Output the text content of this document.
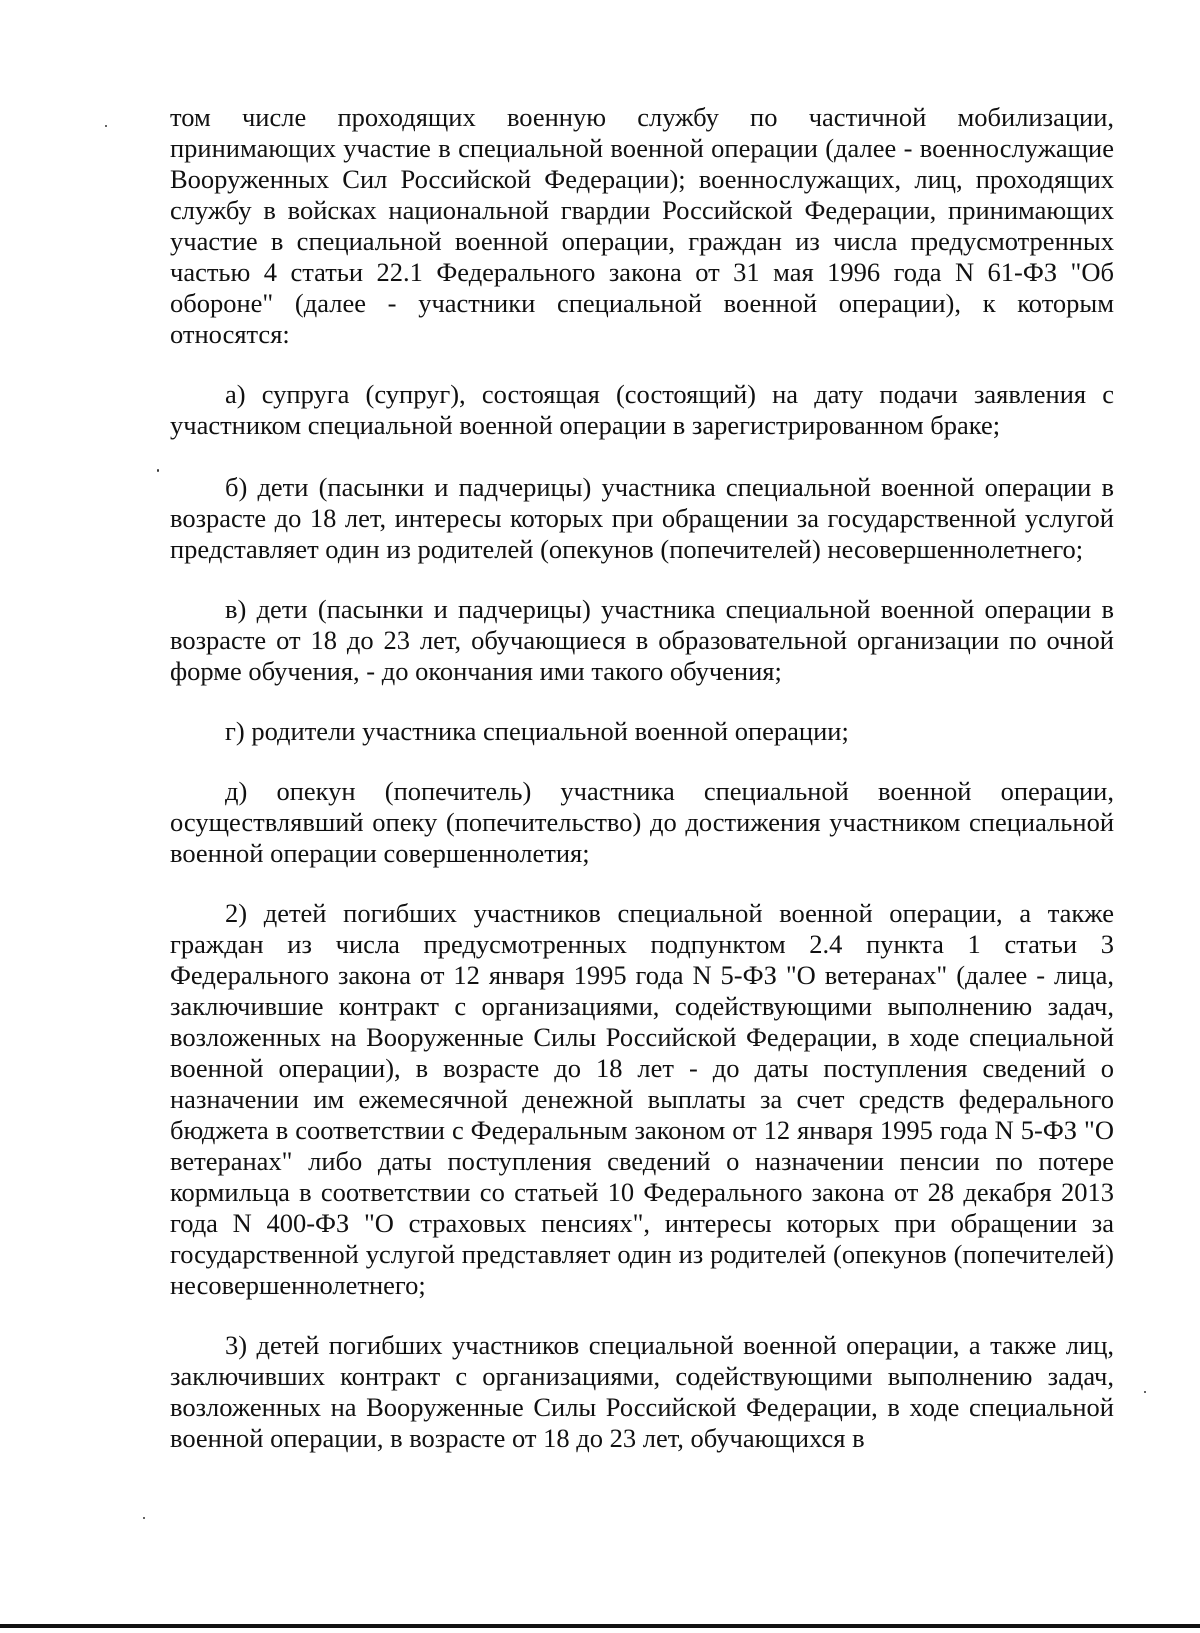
том числе проходящих военную службу по частичной мобилизации, принимающих участие в специальной военной операции (далее - военнослужащие Вооруженных Сил Российской Федерации); военнослужащих, лиц, проходящих службу в войсках национальной гвардии Российской Федерации, принимающих участие в специальной военной операции, граждан из числа предусмотренных частью 4 статьи 22.1 Федерального закона от 31 мая 1996 года N 61-ФЗ "Об обороне" (далее - участники специальной военной операции), к которым относятся:

а) супруга (супруг), состоящая (состоящий) на дату подачи заявления с участником специальной военной операции в зарегистрированном браке;

б) дети (пасынки и падчерицы) участника специальной военной операции в возрасте до 18 лет, интересы которых при обращении за государственной услугой представляет один из родителей (опекунов (попечителей) несовершеннолетнего;

в) дети (пасынки и падчерицы) участника специальной военной операции в возрасте от 18 до 23 лет, обучающиеся в образовательной организации по очной форме обучения, - до окончания ими такого обучения;

г) родители участника специальной военной операции;

д) опекун (попечитель) участника специальной военной операции, осуществлявший опеку (попечительство) до достижения участником специальной военной операции совершеннолетия;

2) детей погибших участников специальной военной операции, а также граждан из числа предусмотренных подпунктом 2.4 пункта 1 статьи 3 Федерального закона от 12 января 1995 года N 5-ФЗ "О ветеранах" (далее - лица, заключившие контракт с организациями, содействующими выполнению задач, возложенных на Вооруженные Силы Российской Федерации, в ходе специальной военной операции), в возрасте до 18 лет - до даты поступления сведений о назначении им ежемесячной денежной выплаты за счет средств федерального бюджета в соответствии с Федеральным законом от 12 января 1995 года N 5-ФЗ "О ветеранах" либо даты поступления сведений о назначении пенсии по потере кормильца в соответствии со статьей 10 Федерального закона от 28 декабря 2013 года N 400-ФЗ "О страховых пенсиях", интересы которых при обращении за государственной услугой представляет один из родителей (опекунов (попечителей) несовершеннолетнего;

3) детей погибших участников специальной военной операции, а также лиц, заключивших контракт с организациями, содействующими выполнению задач, возложенных на Вооруженные Силы Российской Федерации, в ходе специальной военной операции, в возрасте от 18 до 23 лет, обучающихся в
